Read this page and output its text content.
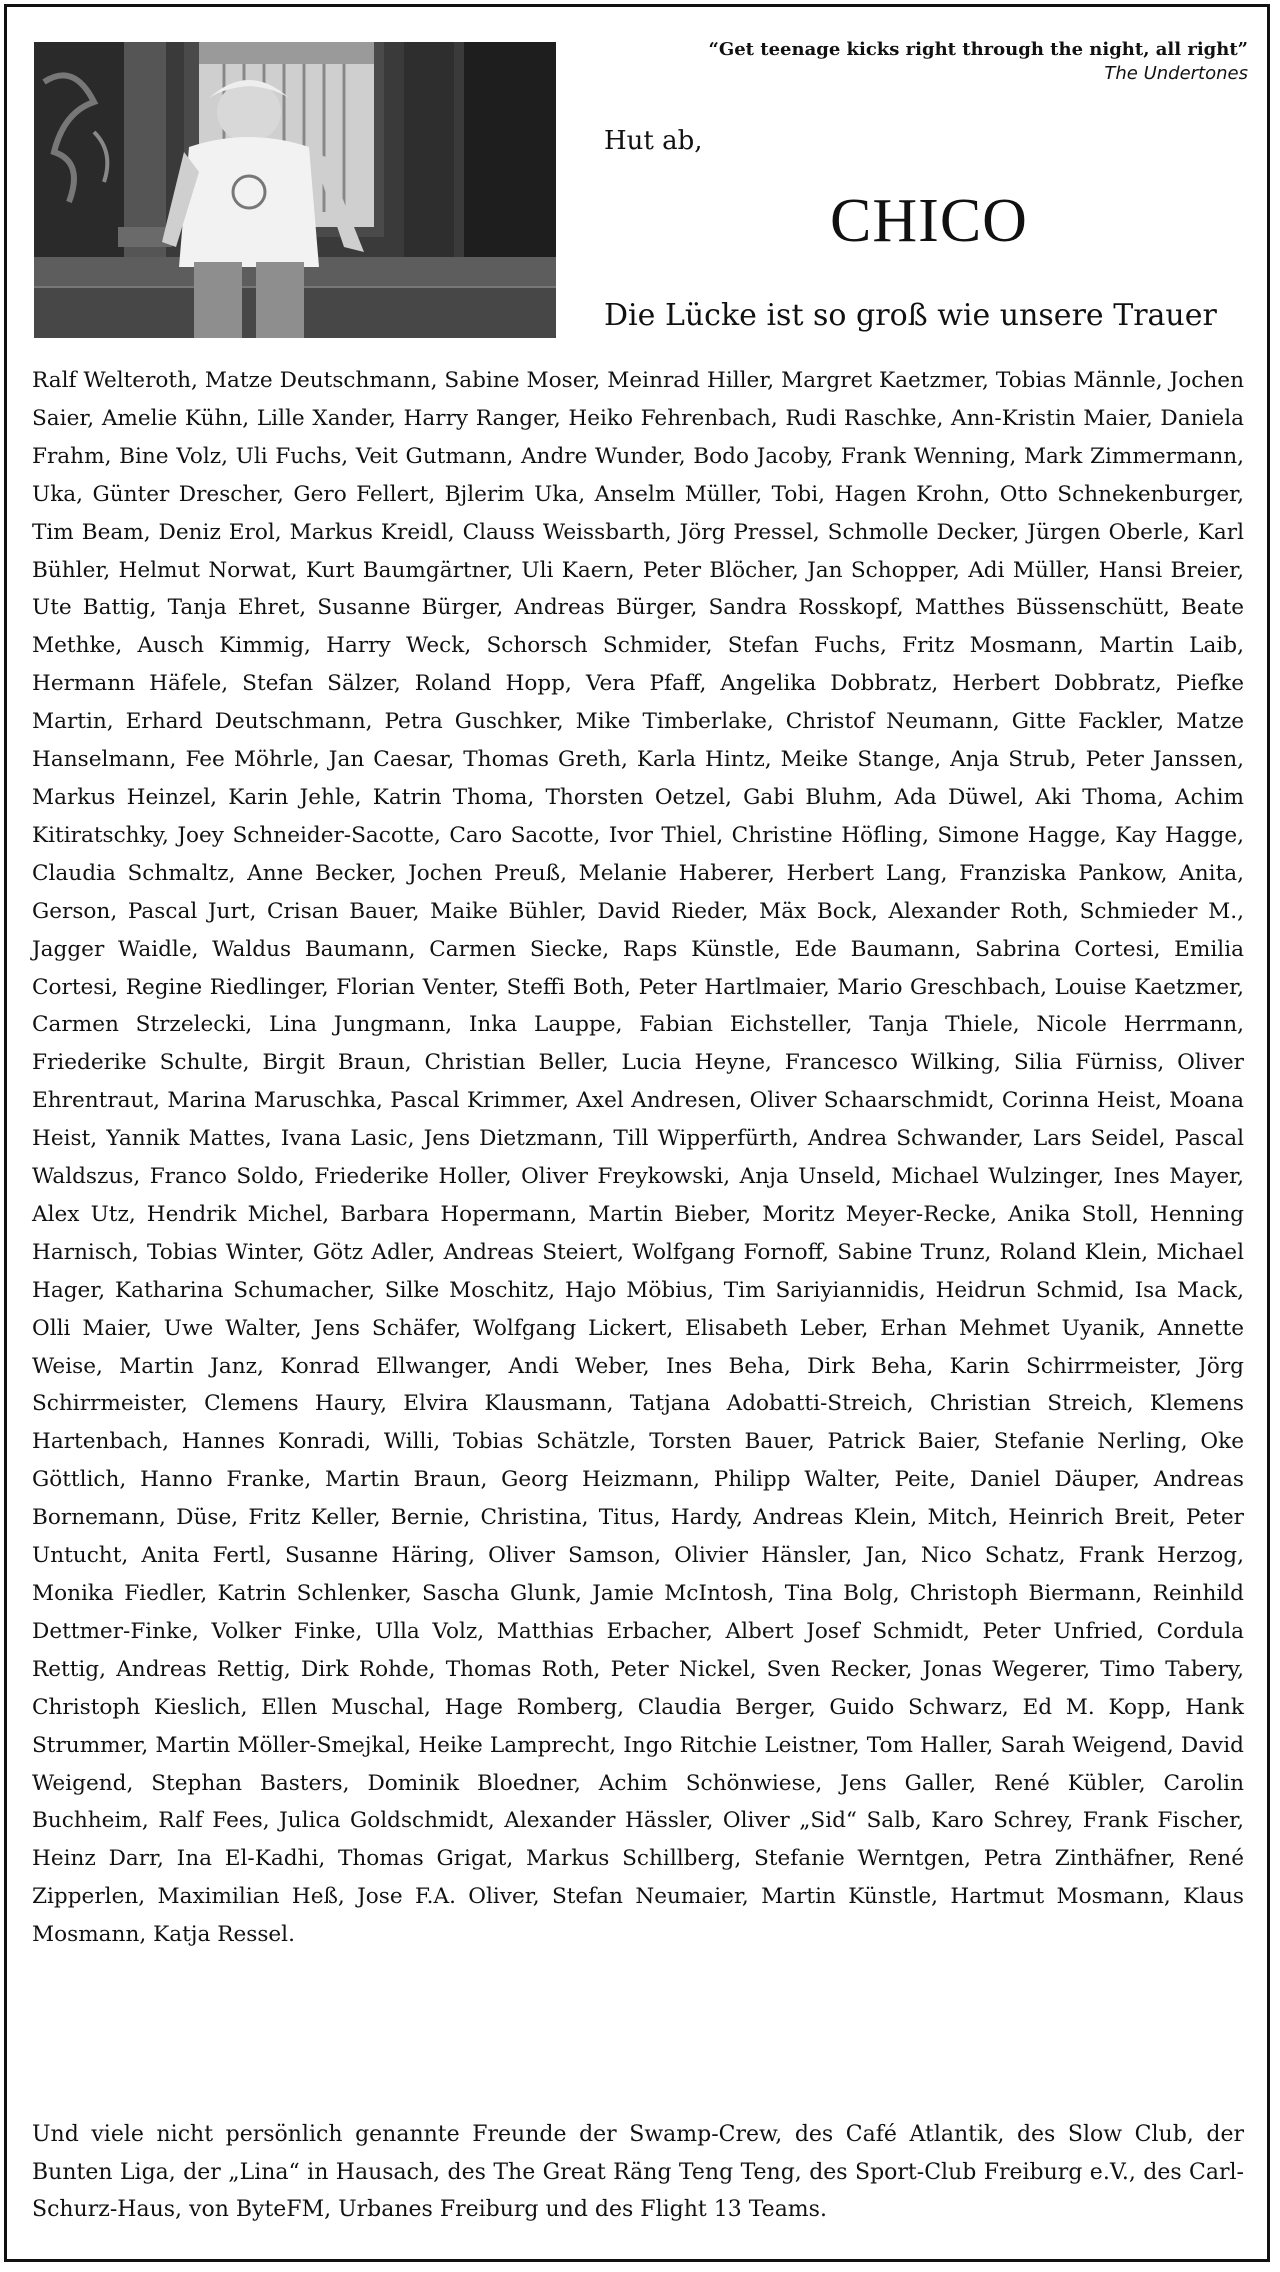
“Get teenage kicks right through the night, all right”
The Undertones
Hut ab,
CHICO
Die Lücke ist so groß wie unsere Trauer

Ralf Welteroth, Matze Deutschmann, Sabine Moser, Meinrad Hiller, Margret Kaetzmer, Tobias Männle, Jochen Saier, Amelie Kühn, Lille Xander, Harry Ranger, Heiko Fehrenbach, Rudi Raschke, Ann-Kristin Maier, Daniela Frahm, Bine Volz, Uli Fuchs, Veit Gutmann, Andre Wunder, Bodo Jacoby, Frank Wenning, Mark Zimmermann, Uka, Günter Drescher, Gero Fellert, Bjlerim Uka, Anselm Müller, Tobi, Hagen Krohn, Otto Schnekenburger, Tim Beam, Deniz Erol, Markus Kreidl, Clauss Weissbarth, Jörg Pressel, Schmolle Decker, Jürgen Oberle, Karl Bühler, Helmut Norwat, Kurt Baumgärtner, Uli Kaern, Peter Blöcher, Jan Schopper, Adi Müller, Hansi Breier, Ute Battig, Tanja Ehret, Susanne Bürger, Andreas Bürger, Sandra Rosskopf, Matthes Büssenschütt, Beate Methke, Ausch Kimmig, Harry Weck, Schorsch Schmider, Stefan Fuchs, Fritz Mosmann, Martin Laib, Hermann Häfele, Stefan Sälzer, Roland Hopp, Vera Pfaff, Angelika Dobbratz, Herbert Dobbratz, Piefke Martin, Erhard Deutschmann, Petra Guschker, Mike Timberlake, Christof Neumann, Gitte Fackler, Matze Hanselmann, Fee Möhrle, Jan Caesar, Thomas Greth, Karla Hintz, Meike Stange, Anja Strub, Peter Janssen, Markus Heinzel, Karin Jehle, Katrin Thoma, Thorsten Oetzel, Gabi Bluhm, Ada Düwel, Aki Thoma, Achim Kitiratschky, Joey Schneider-Sacotte, Caro Sacotte, Ivor Thiel, Christine Höfling, Simone Hagge, Kay Hagge, Claudia Schmaltz, Anne Becker, Jochen Preuß, Melanie Haberer, Herbert Lang, Franziska Pankow, Anita, Gerson, Pascal Jurt, Crisan Bauer, Maike Bühler, David Rieder, Mäx Bock, Alexander Roth, Schmieder M., Jagger Waidle, Waldus Baumann, Carmen Siecke, Raps Künstle, Ede Baumann, Sabrina Cortesi, Emilia Cortesi, Regine Riedlinger, Florian Venter, Steffi Both, Peter Hartlmaier, Mario Greschbach, Louise Kaetzmer, Carmen Strzelecki, Lina Jungmann, Inka Lauppe, Fabian Eichsteller, Tanja Thiele, Nicole Herrmann, Friederike Schulte, Birgit Braun, Christian Beller, Lucia Heyne, Francesco Wilking, Silia Fürniss, Oliver Ehrentraut, Marina Maruschka, Pascal Krimmer, Axel Andresen, Oliver Schaarschmidt, Corinna Heist, Moana Heist, Yannik Mattes, Ivana Lasic, Jens Dietzmann, Till Wipperfürth, Andrea Schwander, Lars Seidel, Pascal Waldszus, Franco Soldo, Friederike Holler, Oliver Freykowski, Anja Unseld, Michael Wulzinger, Ines Mayer, Alex Utz, Hendrik Michel, Barbara Hopermann, Martin Bieber, Moritz Meyer-Recke, Anika Stoll, Henning Harnisch, Tobias Winter, Götz Adler, Andreas Steiert, Wolfgang Fornoff, Sabine Trunz, Roland Klein, Michael Hager, Katharina Schumacher, Silke Moschitz, Hajo Möbius, Tim Sariyiannidis, Heidrun Schmid, Isa Mack, Olli Maier, Uwe Walter, Jens Schäfer, Wolfgang Lickert, Elisabeth Leber, Erhan Mehmet Uyanik, Annette Weise, Martin Janz, Konrad Ellwanger, Andi Weber, Ines Beha, Dirk Beha, Karin Schirrmeister, Jörg Schirrmeister, Clemens Haury, Elvira Klausmann, Tatjana Adobatti-Streich, Christian Streich, Klemens Hartenbach, Hannes Konradi, Willi, Tobias Schätzle, Torsten Bauer, Patrick Baier, Stefanie Nerling, Oke Göttlich, Hanno Franke, Martin Braun, Georg Heizmann, Philipp Walter, Peite, Daniel Däuper, Andreas Bornemann, Düse, Fritz Keller, Bernie, Christina, Titus, Hardy, Andreas Klein, Mitch, Heinrich Breit, Peter Untucht, Anita Fertl, Susanne Häring, Oliver Samson, Olivier Hänsler, Jan, Nico Schatz, Frank Herzog, Monika Fiedler, Katrin Schlenker, Sascha Glunk, Jamie McIntosh, Tina Bolg, Christoph Biermann, Reinhild Dettmer-Finke, Volker Finke, Ulla Volz, Matthias Erbacher, Albert Josef Schmidt, Peter Unfried, Cordula Rettig, Andreas Rettig, Dirk Rohde, Thomas Roth, Peter Nickel, Sven Recker, Jonas Wegerer, Timo Tabery, Christoph Kieslich, Ellen Muschal, Hage Romberg, Claudia Berger, Guido Schwarz, Ed M. Kopp, Hank Strummer, Martin Möller-Smejkal, Heike Lamprecht, Ingo Ritchie Leistner, Tom Haller, Sarah Weigend, David Weigend, Stephan Basters, Dominik Bloedner, Achim Schönwiese, Jens Galler, René Kübler, Carolin Buchheim, Ralf Fees, Julica Goldschmidt, Alexander Hässler, Oliver „Sid“ Salb, Karo Schrey, Frank Fischer, Heinz Darr, Ina El-Kadhi, Thomas Grigat, Markus Schillberg, Stefanie Werntgen, Petra Zinthäfner, René Zipperlen, Maximilian Heß, Jose F.A. Oliver, Stefan Neumaier, Martin Künstle, Hartmut Mosmann, Klaus Mosmann, Katja Ressel.

Und viele nicht persönlich genannte Freunde der Swamp-Crew, des Café Atlantik, des Slow Club, der Bunten Liga, der „Lina“ in Hausach, des The Great Räng Teng Teng, des Sport-Club Freiburg e.V., des Carl-Schurz-Haus, von ByteFM, Urbanes Freiburg und des Flight 13 Teams.
